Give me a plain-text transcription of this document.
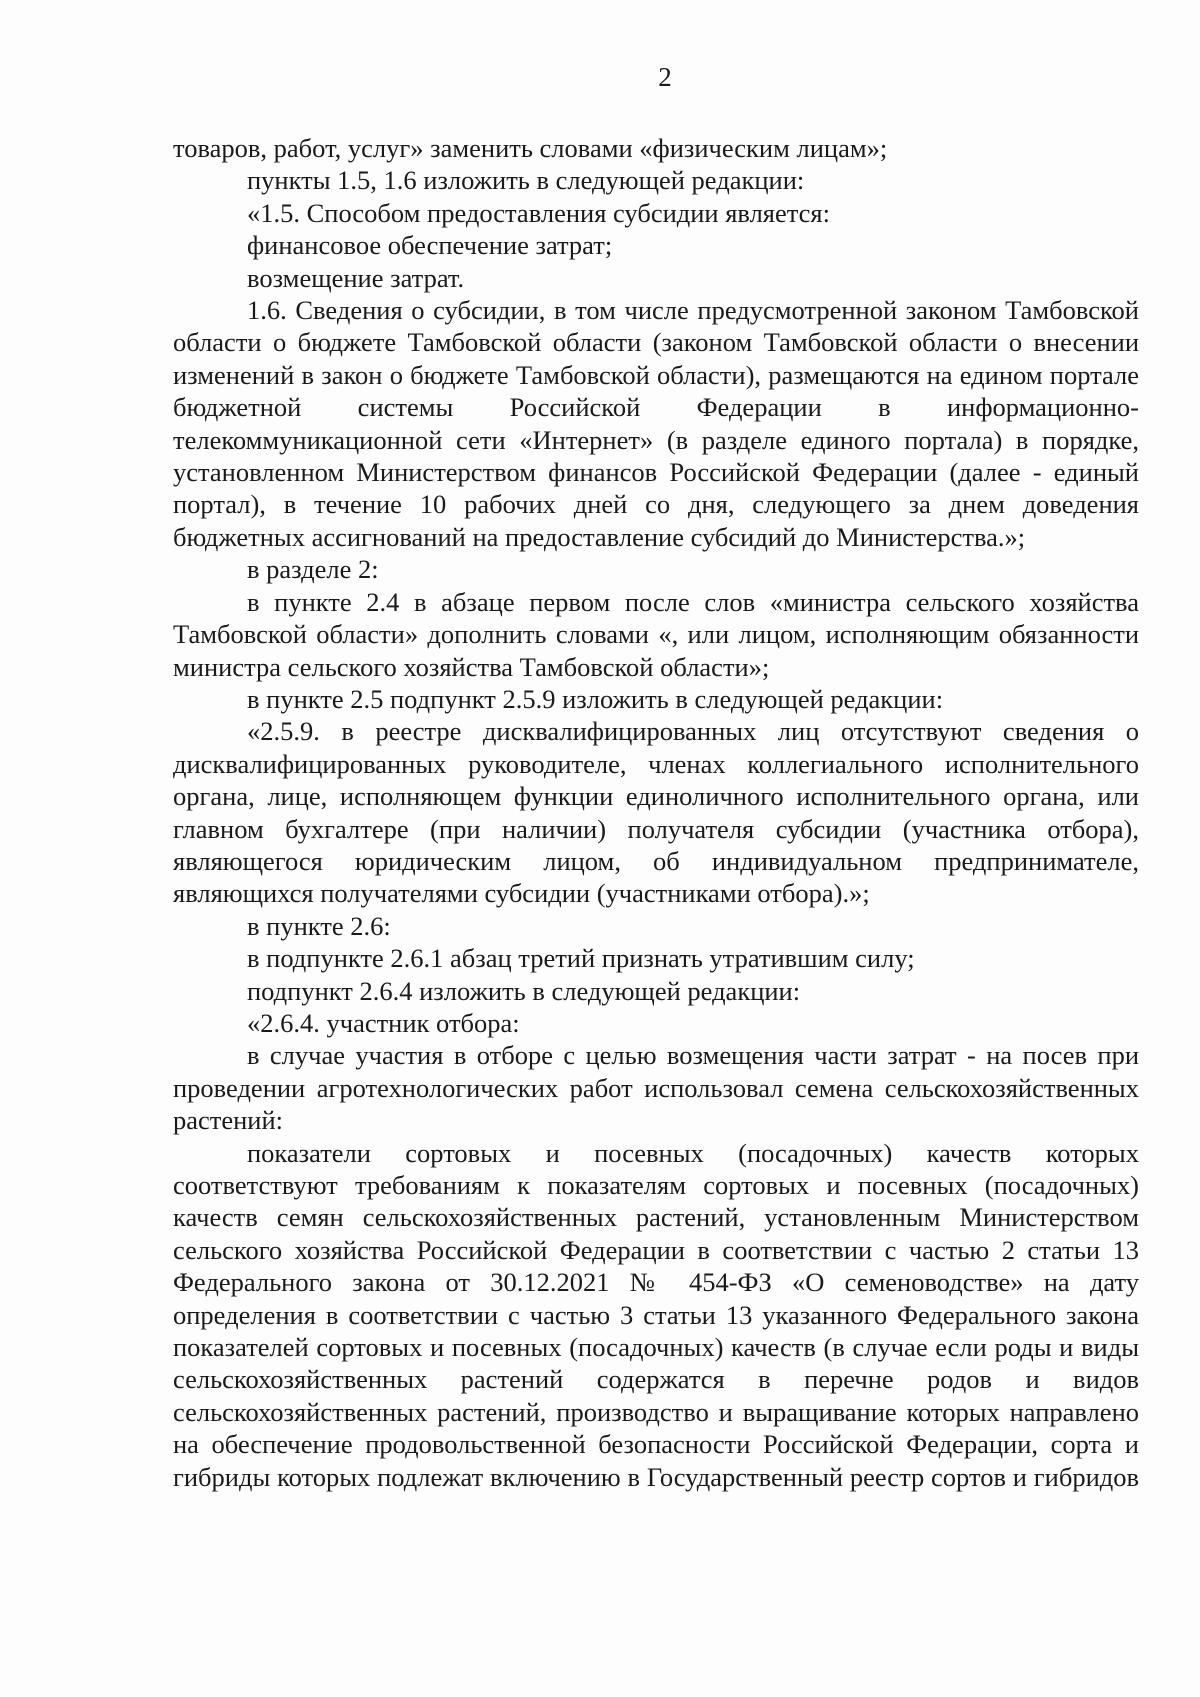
2

товаров, работ, услуг» заменить словами «физическим лицам»;

пункты 1.5, 1.6 изложить в следующей редакции:

«1.5. Способом предоставления субсидии является:

финансовое обеспечение затрат;

возмещение затрат.

1.6. Сведения о субсидии, в том числе предусмотренной законом Тамбовской области о бюджете Тамбовской области (законом Тамбовской области о внесении изменений в закон о бюджете Тамбовской области), размещаются на едином портале бюджетной системы Российской Федерации в информационно-телекоммуникационной сети «Интернет» (в разделе единого портала) в порядке, установленном Министерством финансов Российской Федерации (далее - единый портал), в течение 10 рабочих дней со дня, следующего за днем доведения бюджетных ассигнований на предоставление субсидий до Министерства.»;

в разделе 2:

в пункте 2.4 в абзаце первом после слов «министра сельского хозяйства Тамбовской области» дополнить словами «, или лицом, исполняющим обязанности министра сельского хозяйства Тамбовской области»;

в пункте 2.5 подпункт 2.5.9 изложить в следующей редакции:

«2.5.9. в реестре дисквалифицированных лиц отсутствуют сведения о дисквалифицированных руководителе, членах коллегиального исполнительного органа, лице, исполняющем функции единоличного исполнительного органа, или главном бухгалтере (при наличии) получателя субсидии (участника отбора), являющегося юридическим лицом, об индивидуальном предпринимателе, являющихся получателями субсидии (участниками отбора).»;

в пункте 2.6:

в подпункте 2.6.1 абзац третий признать утратившим силу;

подпункт 2.6.4 изложить в следующей редакции:

«2.6.4. участник отбора:

в случае участия в отборе с целью возмещения части затрат - на посев при проведении агротехнологических работ использовал семена сельскохозяйственных растений:

показатели сортовых и посевных (посадочных) качеств которых соответствуют требованиям к показателям сортовых и посевных (посадочных) качеств семян сельскохозяйственных растений, установленным Министерством сельского хозяйства Российской Федерации в соответствии с частью 2 статьи 13 Федерального закона от 30.12.2021 № 454-ФЗ «О семеноводстве» на дату определения в соответствии с частью 3 статьи 13 указанного Федерального закона показателей сортовых и посевных (посадочных) качеств (в случае если роды и виды сельскохозяйственных растений содержатся в перечне родов и видов сельскохозяйственных растений, производство и выращивание которых направлено на обеспечение продовольственной безопасности Российской Федерации, сорта и гибриды которых подлежат включению в Государственный реестр сортов и гибридов
